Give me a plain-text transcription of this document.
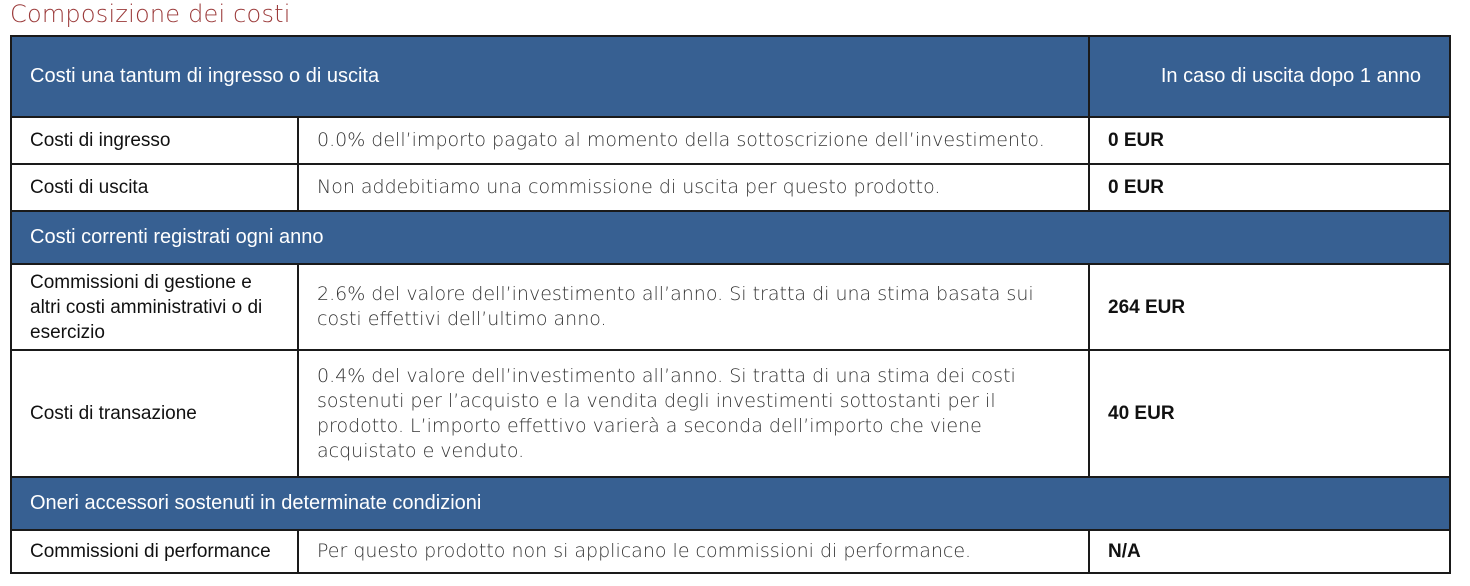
Composizione dei costi
Costi una tantum di ingresso o di uscita		In caso di uscita dopo 1 anno
Costi di ingresso	0.0% dell’importo pagato al momento della sottoscrizione dell’investimento.	0 EUR
Costi di uscita	Non addebitiamo una commissione di uscita per questo prodotto.	0 EUR
Costi correnti registrati ogni anno		
Commissioni di gestione e altri costi amministrativi o di esercizio	2.6% del valore dell’investimento all’anno. Si tratta di una stima basata sui costi effettivi dell’ultimo anno.	264 EUR
Costi di transazione	0.4% del valore dell’investimento all’anno. Si tratta di una stima dei costi sostenuti per l’acquisto e la vendita degli investimenti sottostanti per il prodotto. L’importo effettivo varierà a seconda dell’importo che viene acquistato e venduto.	40 EUR
Oneri accessori sostenuti in determinate condizioni		
Commissioni di performance	Per questo prodotto non si applicano le commissioni di performance.	N/A
